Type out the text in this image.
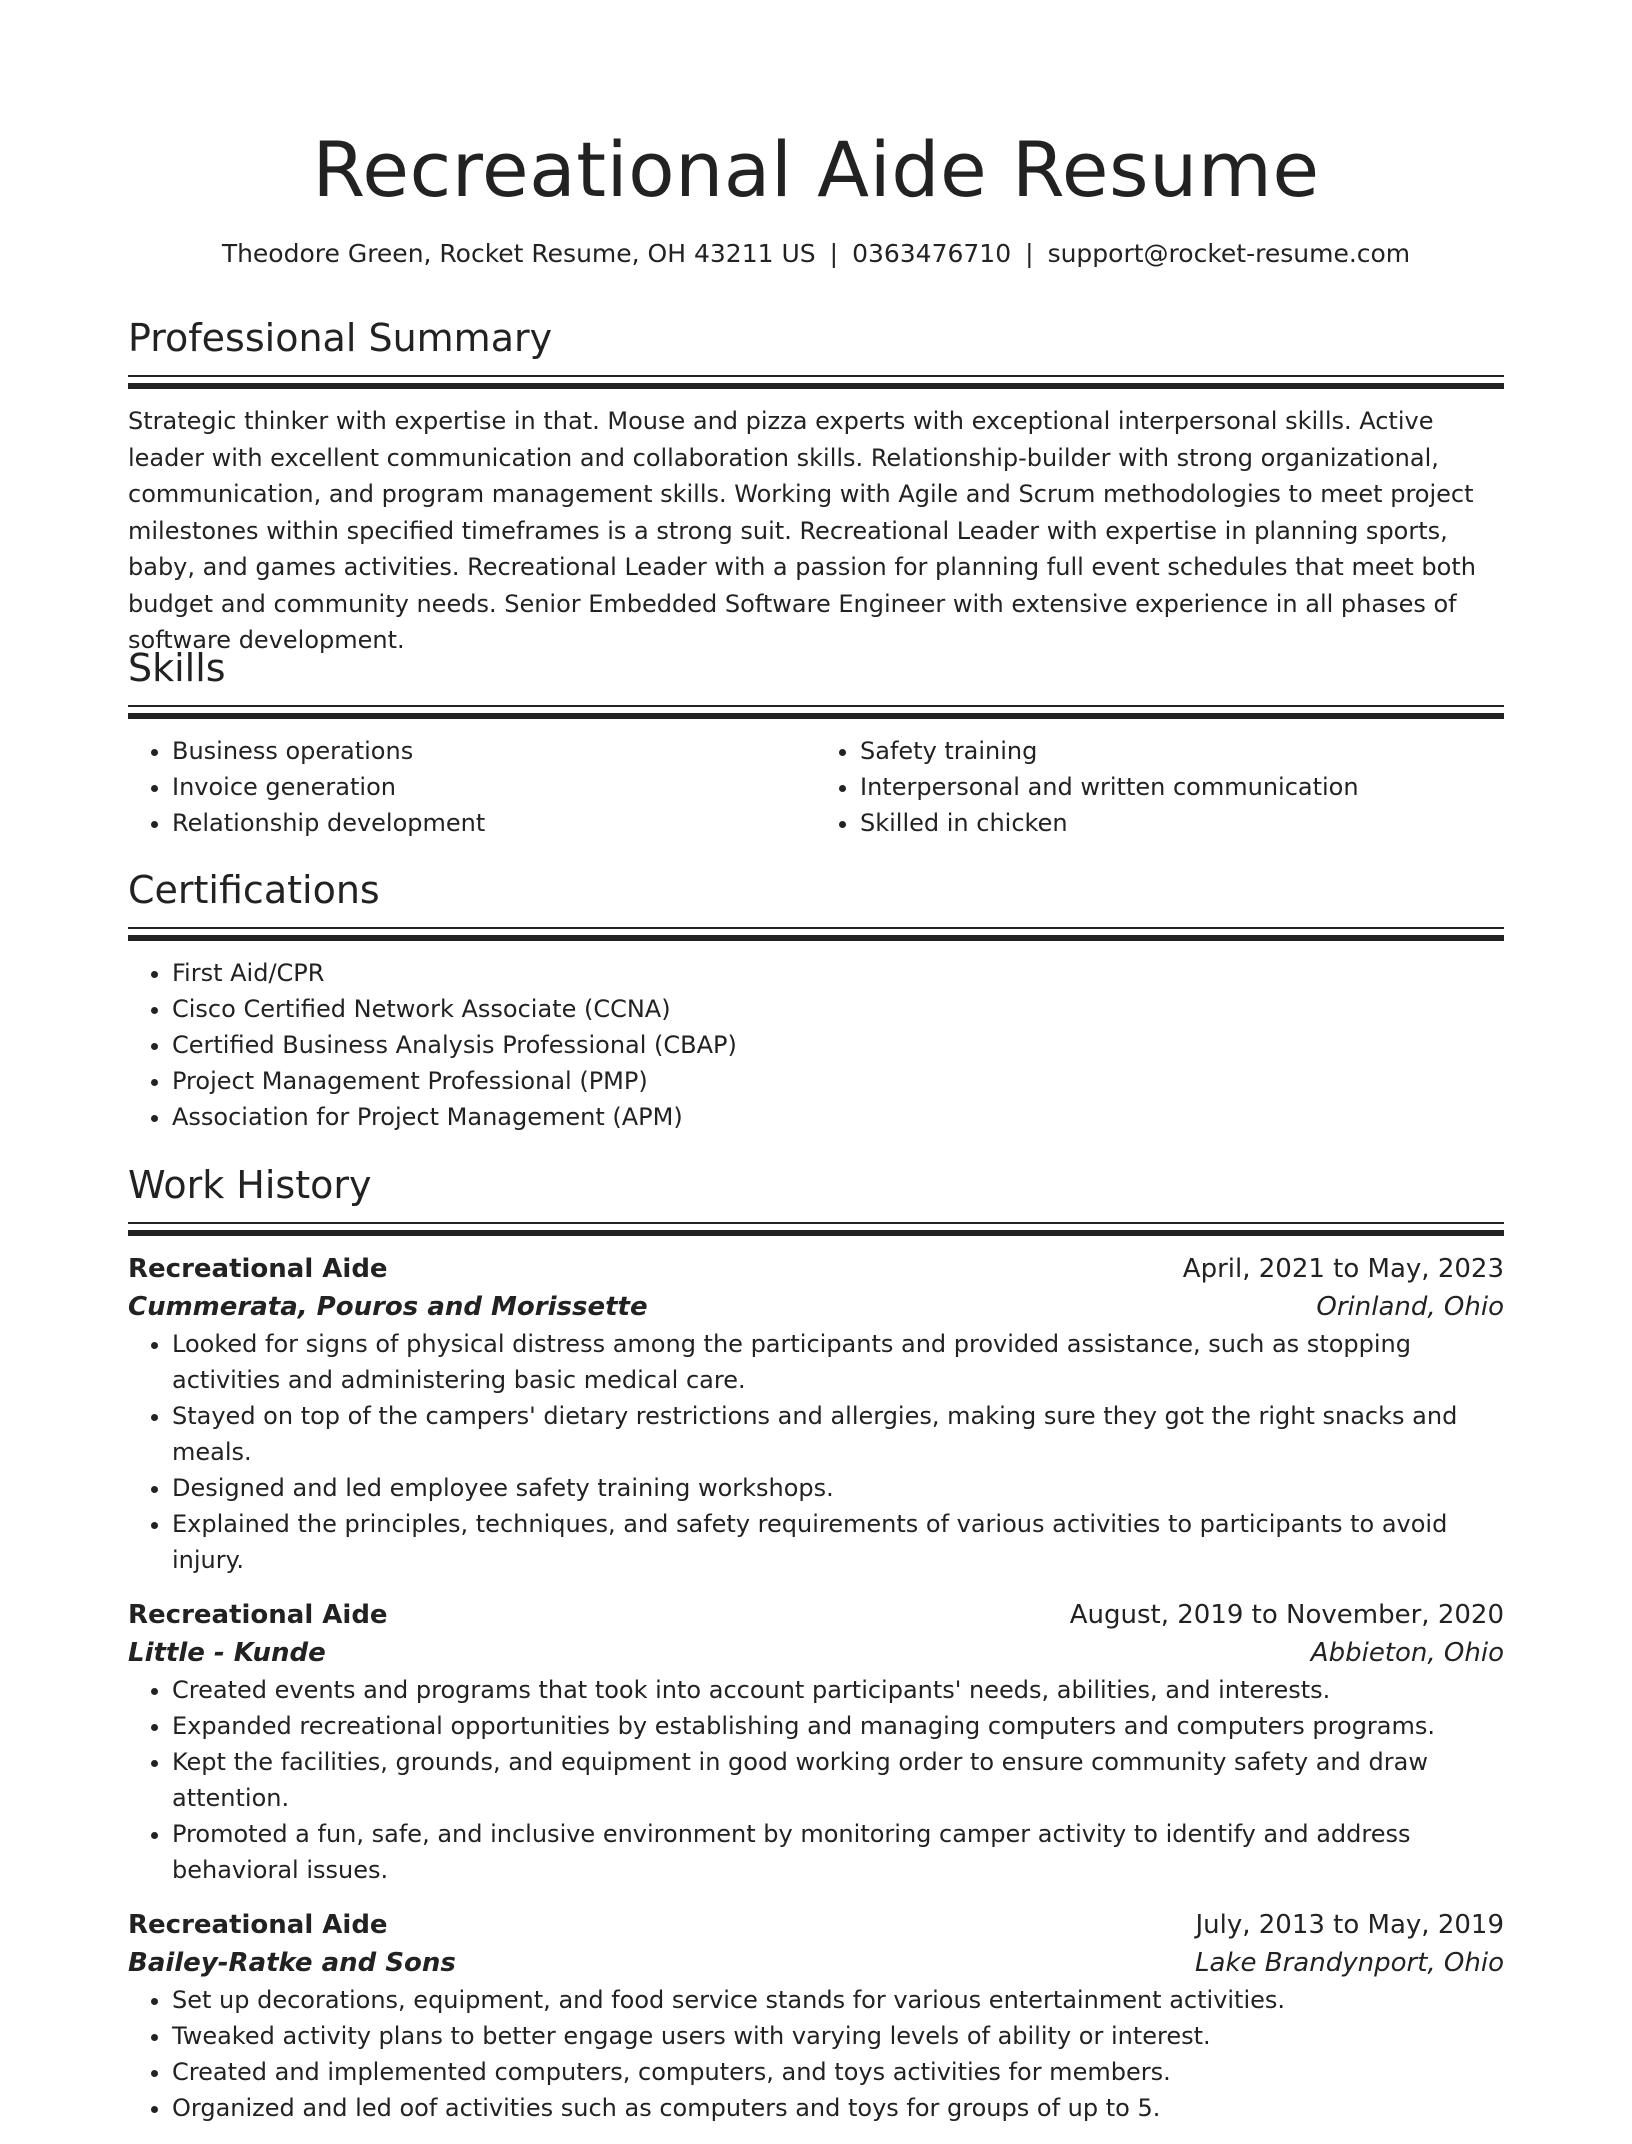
Recreational Aide Resume
Theodore Green, Rocket Resume, OH 43211 US | 0363476710 | support@rocket-resume.com
Professional Summary

Strategic thinker with expertise in that. Mouse and pizza experts with exceptional interpersonal skills. Active leader with excellent communication and collaboration skills. Relationship-builder with strong organizational, communication, and program management skills. Working with Agile and Scrum methodologies to meet project milestones within specified timeframes is a strong suit. Recreational Leader with expertise in planning sports, baby, and games activities. Recreational Leader with a passion for planning full event schedules that meet both budget and community needs. Senior Embedded Software Engineer with extensive experience in all phases of software development.

Skills
• Business operations
• Invoice generation
• Relationship development
• Safety training
• Interpersonal and written communication
• Skilled in chicken
Certifications
• First Aid/CPR
• Cisco Certified Network Associate (CCNA)
• Certified Business Analysis Professional (CBAP)
• Project Management Professional (PMP)
• Association for Project Management (APM)
Work History
Recreational Aide	April, 2021 to May, 2023
Cummerata, Pouros and Morissette	Orinland, Ohio
• Looked for signs of physical distress among the participants and provided assistance, such as stopping activities and administering basic medical care.
• Stayed on top of the campers' dietary restrictions and allergies, making sure they got the right snacks and meals.
• Designed and led employee safety training workshops.
• Explained the principles, techniques, and safety requirements of various activities to participants to avoid injury.
Recreational Aide	August, 2019 to November, 2020
Little - Kunde	Abbieton, Ohio
• Created events and programs that took into account participants' needs, abilities, and interests.
• Expanded recreational opportunities by establishing and managing computers and computers programs.
• Kept the facilities, grounds, and equipment in good working order to ensure community safety and draw attention.
• Promoted a fun, safe, and inclusive environment by monitoring camper activity to identify and address behavioral issues.
Recreational Aide	July, 2013 to May, 2019
Bailey-Ratke and Sons	Lake Brandynport, Ohio
• Set up decorations, equipment, and food service stands for various entertainment activities.
• Tweaked activity plans to better engage users with varying levels of ability or interest.
• Created and implemented computers, computers, and toys activities for members.
• Organized and led oof activities such as computers and toys for groups of up to 5.
